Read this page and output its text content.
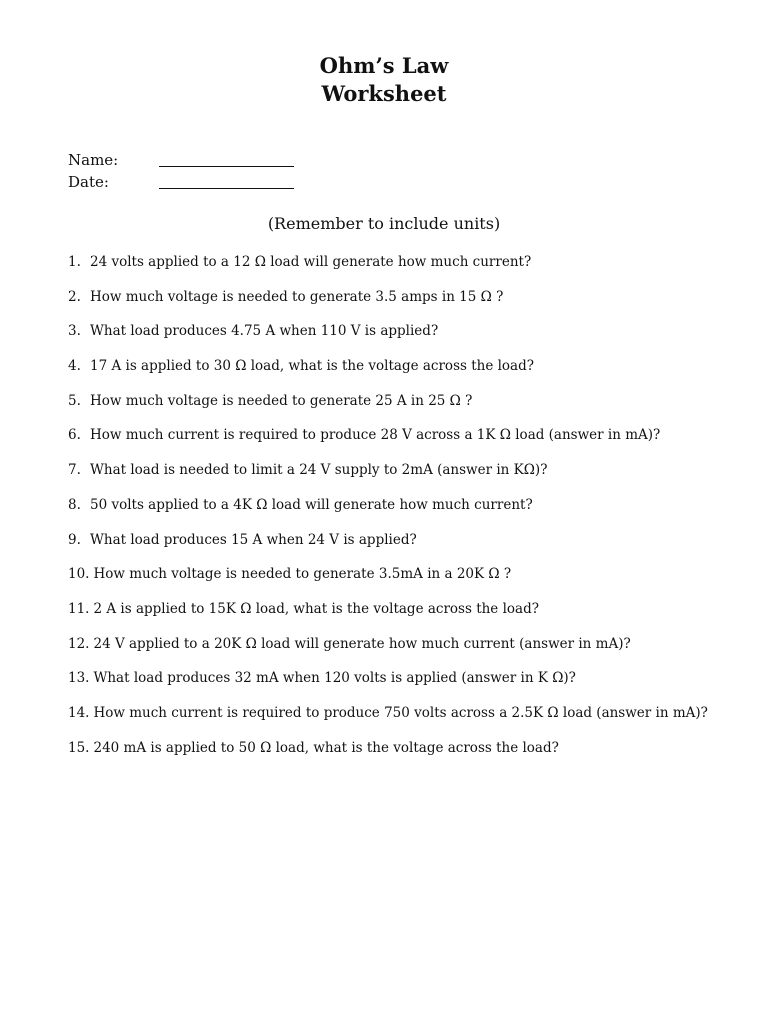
Ohm’s Law
Worksheet
Name:
Date:
(Remember to include units)
1. 24 volts applied to a 12 Ω load will generate how much current?
2. How much voltage is needed to generate 3.5 amps in 15 Ω ?
3. What load produces 4.75 A when 110 V is applied?
4. 17 A is applied to 30 Ω load, what is the voltage across the load?
5. How much voltage is needed to generate 25 A in 25 Ω ?
6. How much current is required to produce 28 V across a 1K Ω load (answer in mA)?
7. What load is needed to limit a 24 V supply to 2mA (answer in KΩ)?
8. 50 volts applied to a 4K Ω load will generate how much current?
9. What load produces 15 A when 24 V is applied?
10. How much voltage is needed to generate 3.5mA in a 20K Ω ?
11. 2 A is applied to 15K Ω load, what is the voltage across the load?
12. 24 V applied to a 20K Ω load will generate how much current (answer in mA)?
13. What load produces 32 mA when 120 volts is applied (answer in K Ω)?
14. How much current is required to produce 750 volts across a 2.5K Ω load (answer in mA)?
15. 240 mA is applied to 50 Ω load, what is the voltage across the load?
